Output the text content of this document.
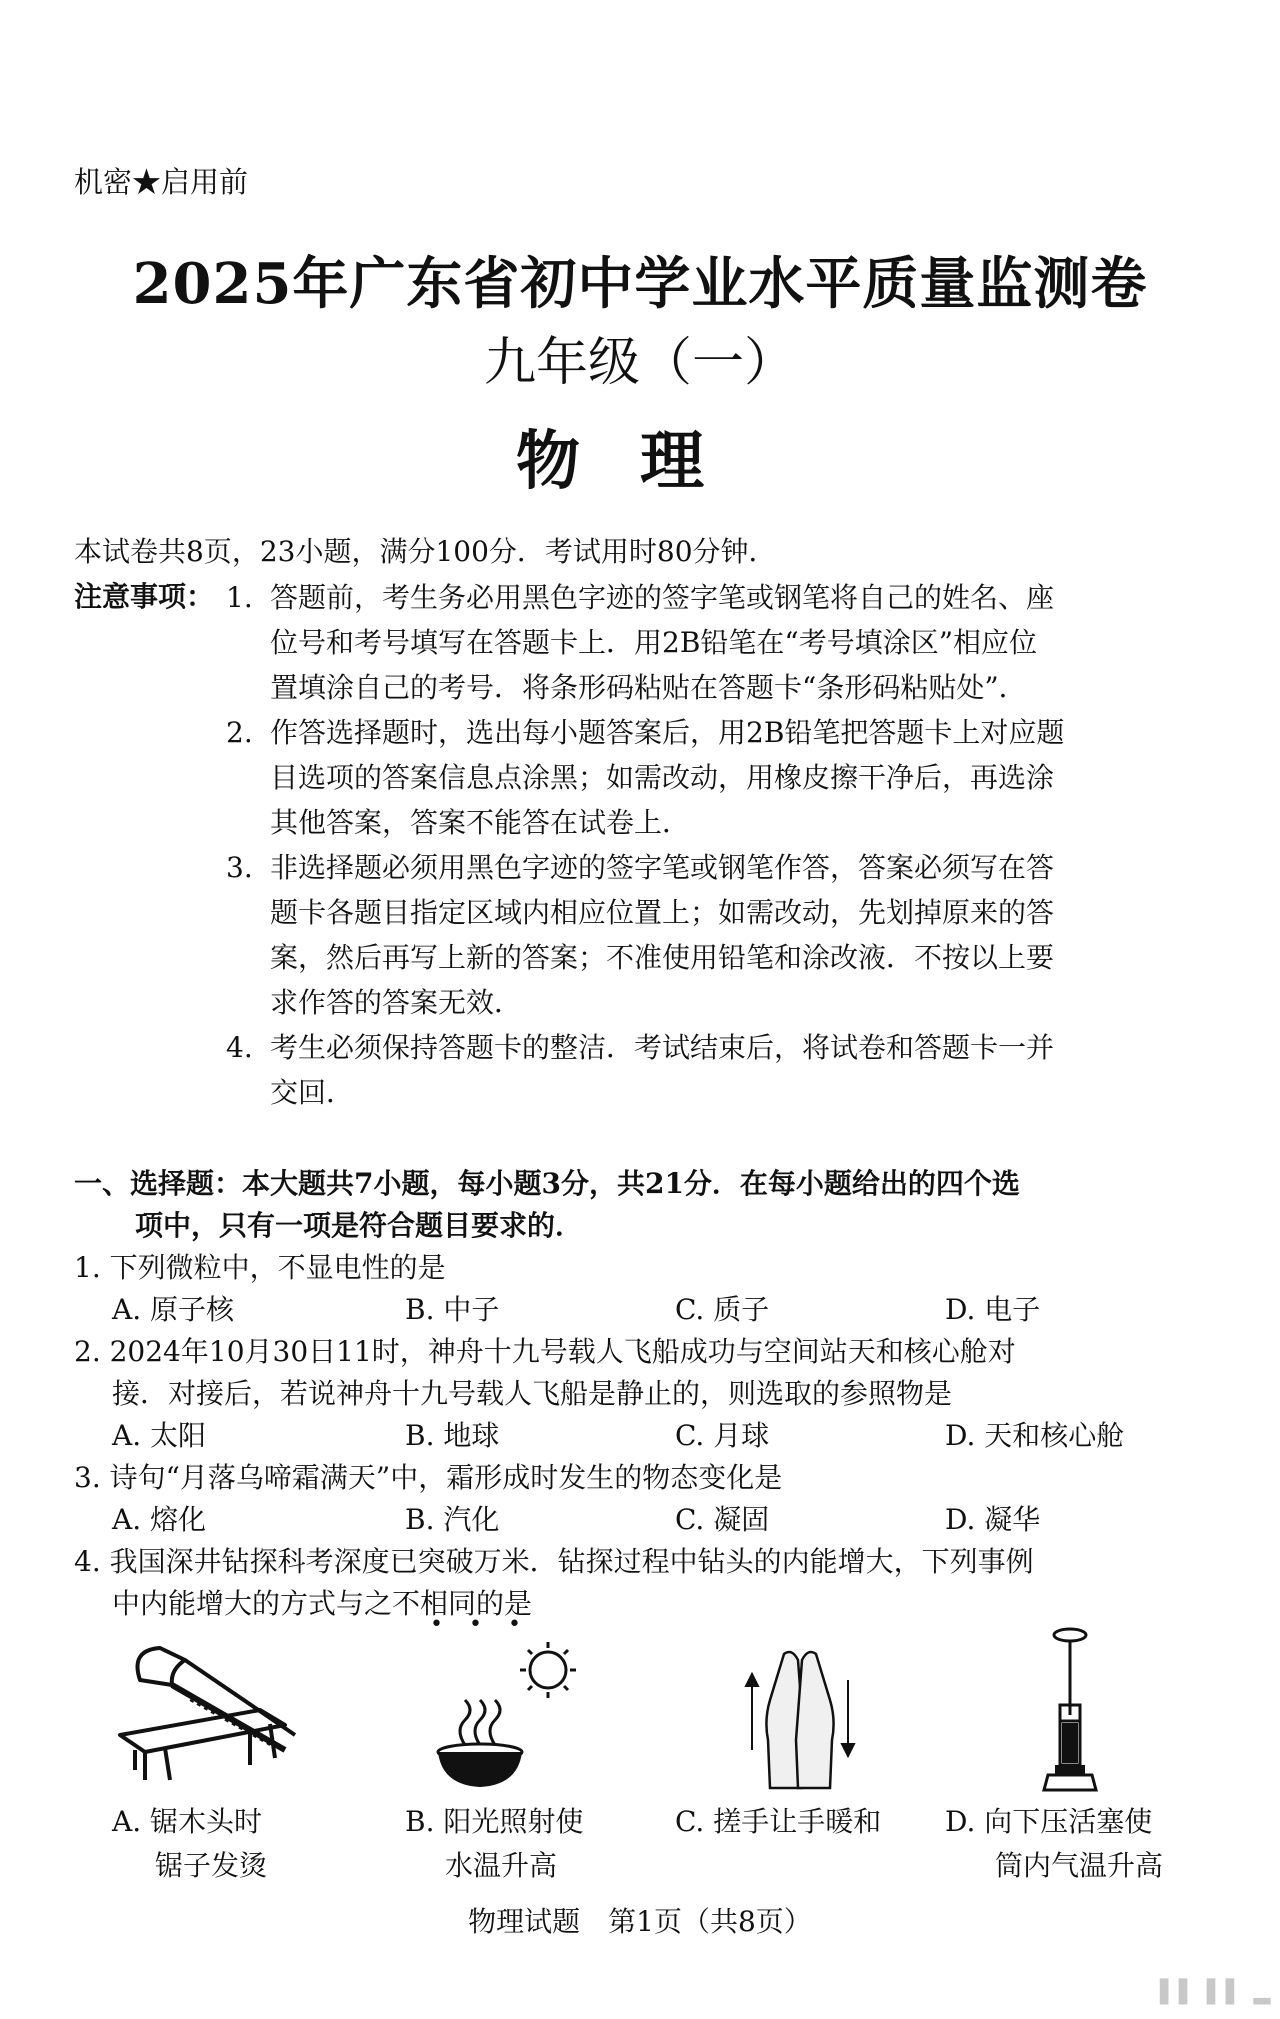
机密★启用前
2025年广东省初中学业水平质量监测卷
九年级（一）
物理
本试卷共8页，23小题，满分100分．考试用时80分钟．
注意事项： 1. 答题前，考生务必用黑色字迹的签字笔或钢笔将自己的姓名、座
位号和考号填写在答题卡上．用2B铅笔在“考号填涂区”相应位
置填涂自己的考号．将条形码粘贴在答题卡“条形码粘贴处”．
2. 作答选择题时，选出每小题答案后，用2B铅笔把答题卡上对应题
目选项的答案信息点涂黑；如需改动，用橡皮擦干净后，再选涂
其他答案，答案不能答在试卷上．
3. 非选择题必须用黑色字迹的签字笔或钢笔作答，答案必须写在答
题卡各题目指定区域内相应位置上；如需改动，先划掉原来的答
案，然后再写上新的答案；不准使用铅笔和涂改液．不按以上要
求作答的答案无效．
4. 考生必须保持答题卡的整洁．考试结束后，将试卷和答题卡一并
交回．
一、选择题：本大题共7小题，每小题3分，共21分．在每小题给出的四个选
项中，只有一项是符合题目要求的．
1. 下列微粒中，不显电性的是
A. 原子核	B. 中子	C. 质子	D. 电子
2. 2024年10月30日11时，神舟十九号载人飞船成功与空间站天和核心舱对
接．对接后，若说神舟十九号载人飞船是静止的，则选取的参照物是
A. 太阳	B. 地球	C. 月球	D. 天和核心舱
3. 诗句“月落乌啼霜满天”中，霜形成时发生的物态变化是
A. 熔化	B. 汽化	C. 凝固	D. 凝华
4. 我国深井钻探科考深度已突破万米．钻探过程中钻头的内能增大，下列事例
中内能增大的方式与之不相同的是
•••
A. 锯木头时
锯子发烫
B. 阳光照射使
水温升高
C. 搓手让手暖和 D. 向下压活塞使
筒内气温升高
物理试题　第1页（共8页）
▌▌ ▌▌ ▂
